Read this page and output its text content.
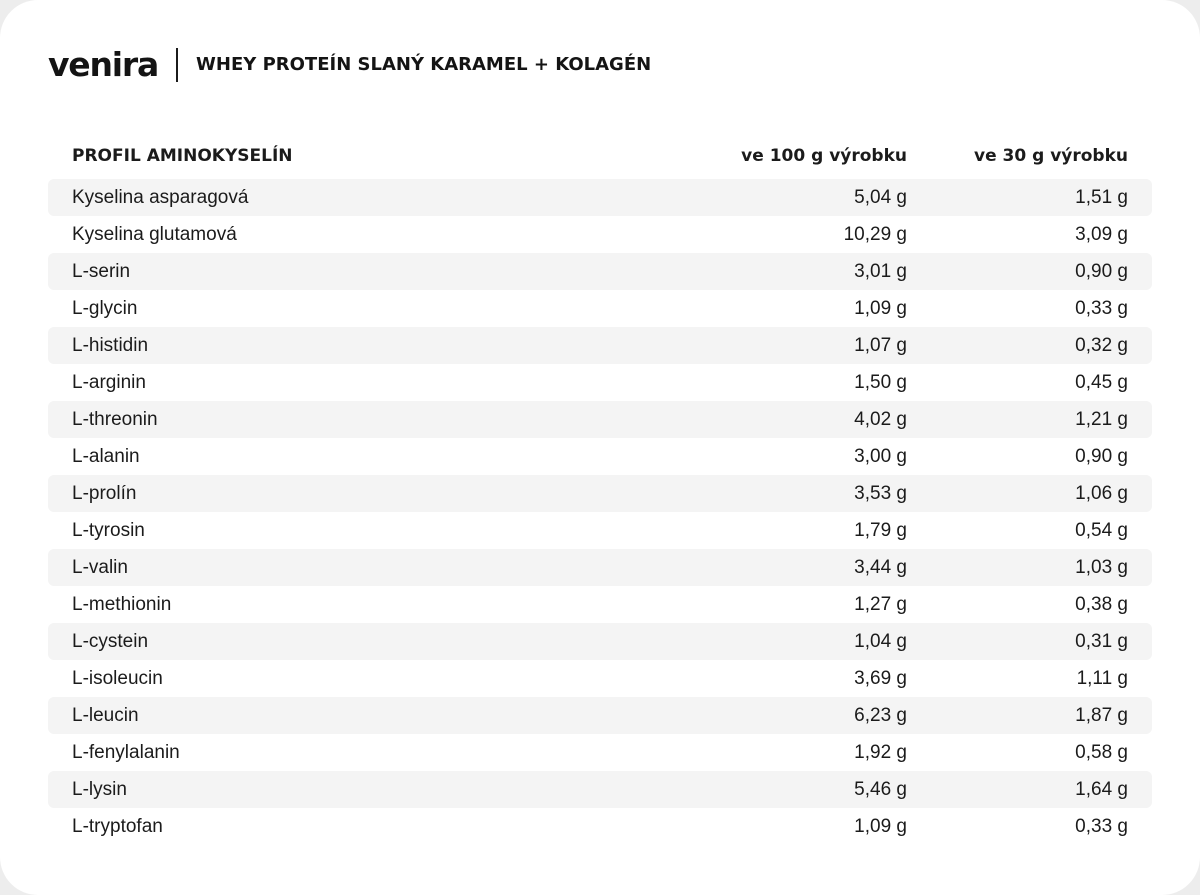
venira WHEY PROTEÍN SLANÝ KARAMEL + KOLAGÉN
PROFIL AMINOKYSELÍN	ve 100 g výrobku	ve 30 g výrobku
Kyselina asparagová	5,04 g	1,51 g
Kyselina glutamová	10,29 g	3,09 g
L-serin	3,01 g	0,90 g
L-glycin	1,09 g	0,33 g
L-histidin	1,07 g	0,32 g
L-arginin	1,50 g	0,45 g
L-threonin	4,02 g	1,21 g
L-alanin	3,00 g	0,90 g
L-prolín	3,53 g	1,06 g
L-tyrosin	1,79 g	0,54 g
L-valin	3,44 g	1,03 g
L-methionin	1,27 g	0,38 g
L-cystein	1,04 g	0,31 g
L-isoleucin	3,69 g	1,11 g
L-leucin	6,23 g	1,87 g
L-fenylalanin	1,92 g	0,58 g
L-lysin	5,46 g	1,64 g
L-tryptofan	1,09 g	0,33 g
